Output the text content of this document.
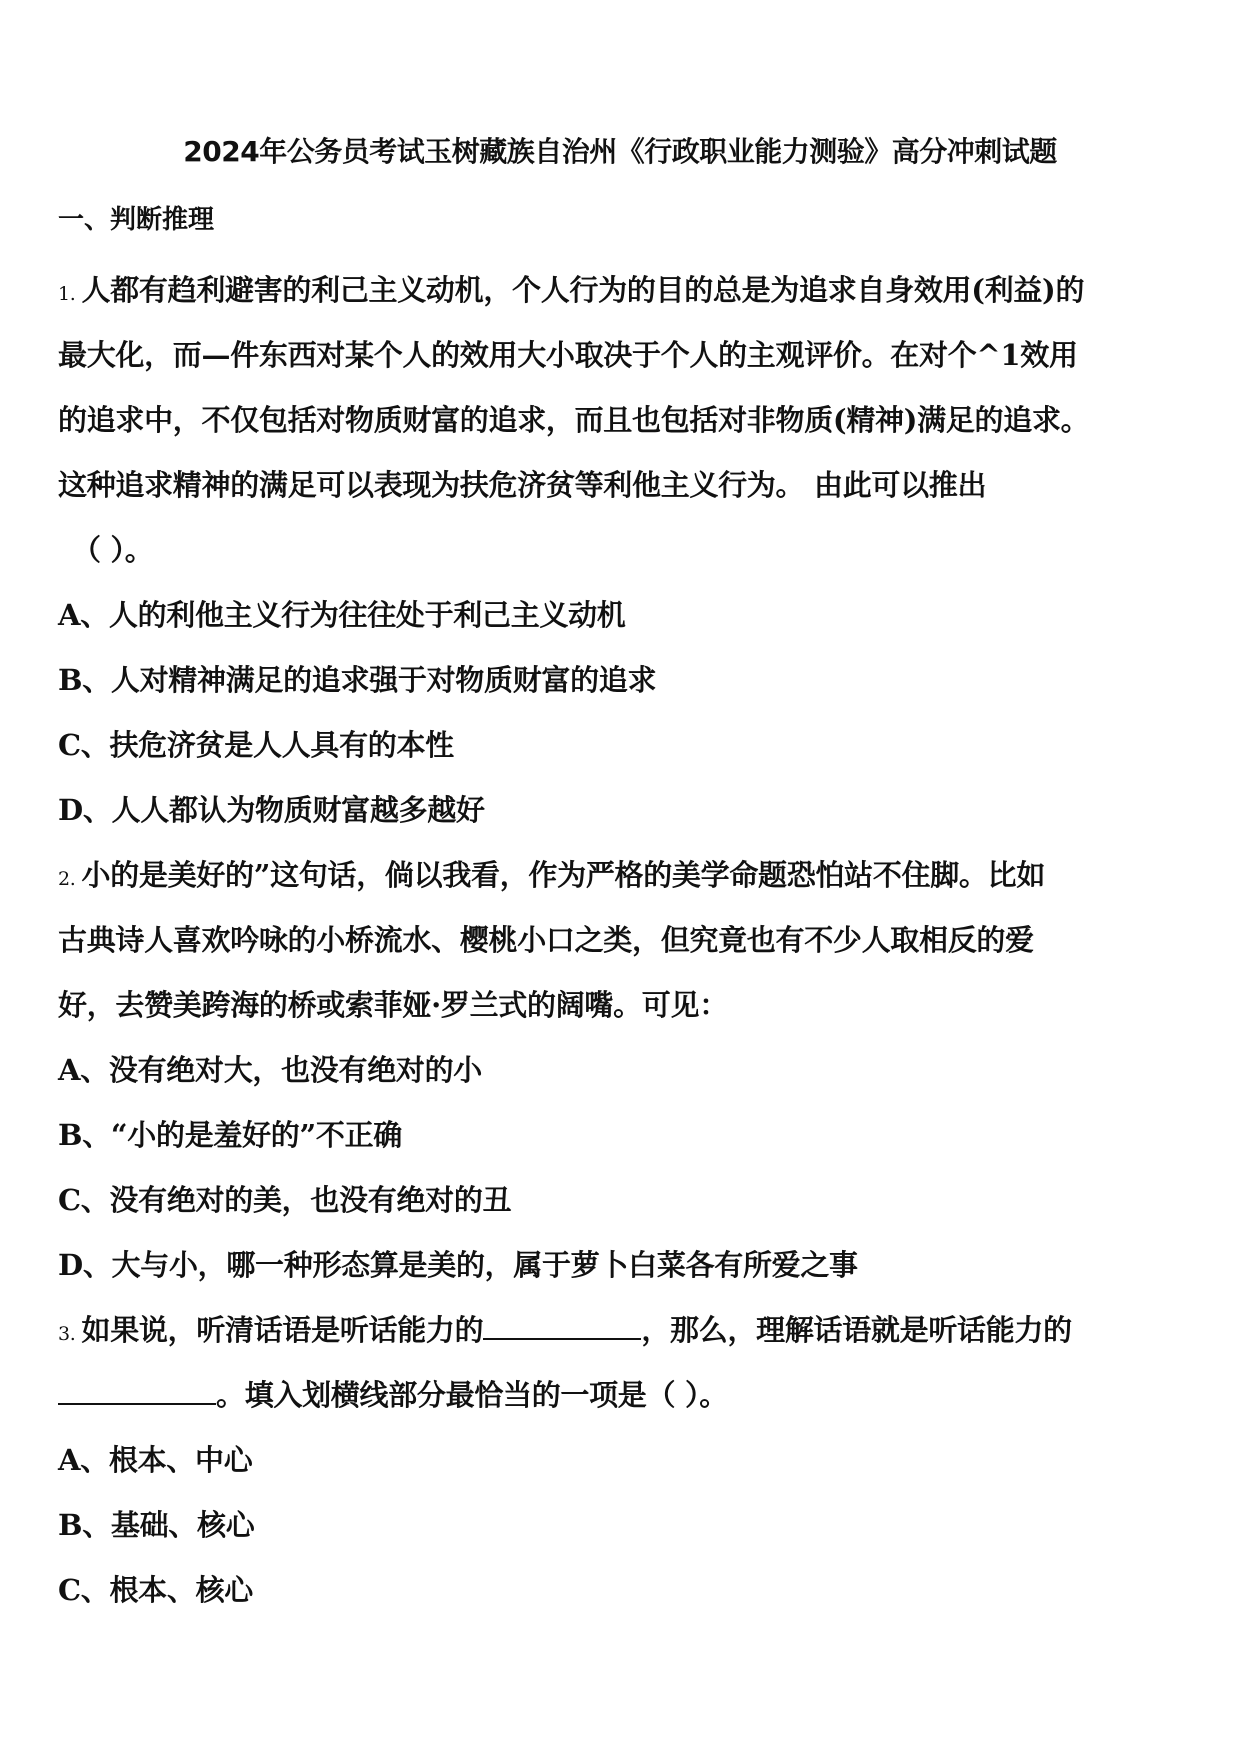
2024年公务员考试玉树藏族自治州《行政职业能力测验》高分冲刺试题
一、判断推理
1. 人都有趋利避害的利己主义动机，个人行为的目的总是为追求自身效用(利益)的
最大化，而—件东西对某个人的效用大小取决于个人的主观评价。在对个^1效用
的追求中，不仅包括对物质财富的追求，而且也包括对非物质(精神)满足的追求。
这种追求精神的满足可以表现为扶危济贫等利他主义行为。 由此可以推出
（ ）。
A、人的利他主义行为往往处于利己主义动机
B、人对精神满足的追求强于对物质财富的追求
C、扶危济贫是人人具有的本性
D、人人都认为物质财富越多越好
2. 小的是美好的”这句话，倘以我看，作为严格的美学命题恐怕站不住脚。比如
古典诗人喜欢吟咏的小桥流水、樱桃小口之类，但究竟也有不少人取相反的爱
好，去赞美跨海的桥或索菲娅·罗兰式的阔嘴。可见：
A、没有绝对大，也没有绝对的小
B、“小的是羞好的”不正确
C、没有绝对的美，也没有绝对的丑
D、大与小，哪一种形态算是美的，属于萝卜白菜各有所爱之事
3. 如果说，听清话语是听话能力的	，那么，理解话语就是听话能力的
。填入划横线部分最恰当的一项是（ ）。
A、根本、中心
B、基础、核心
C、根本、核心
